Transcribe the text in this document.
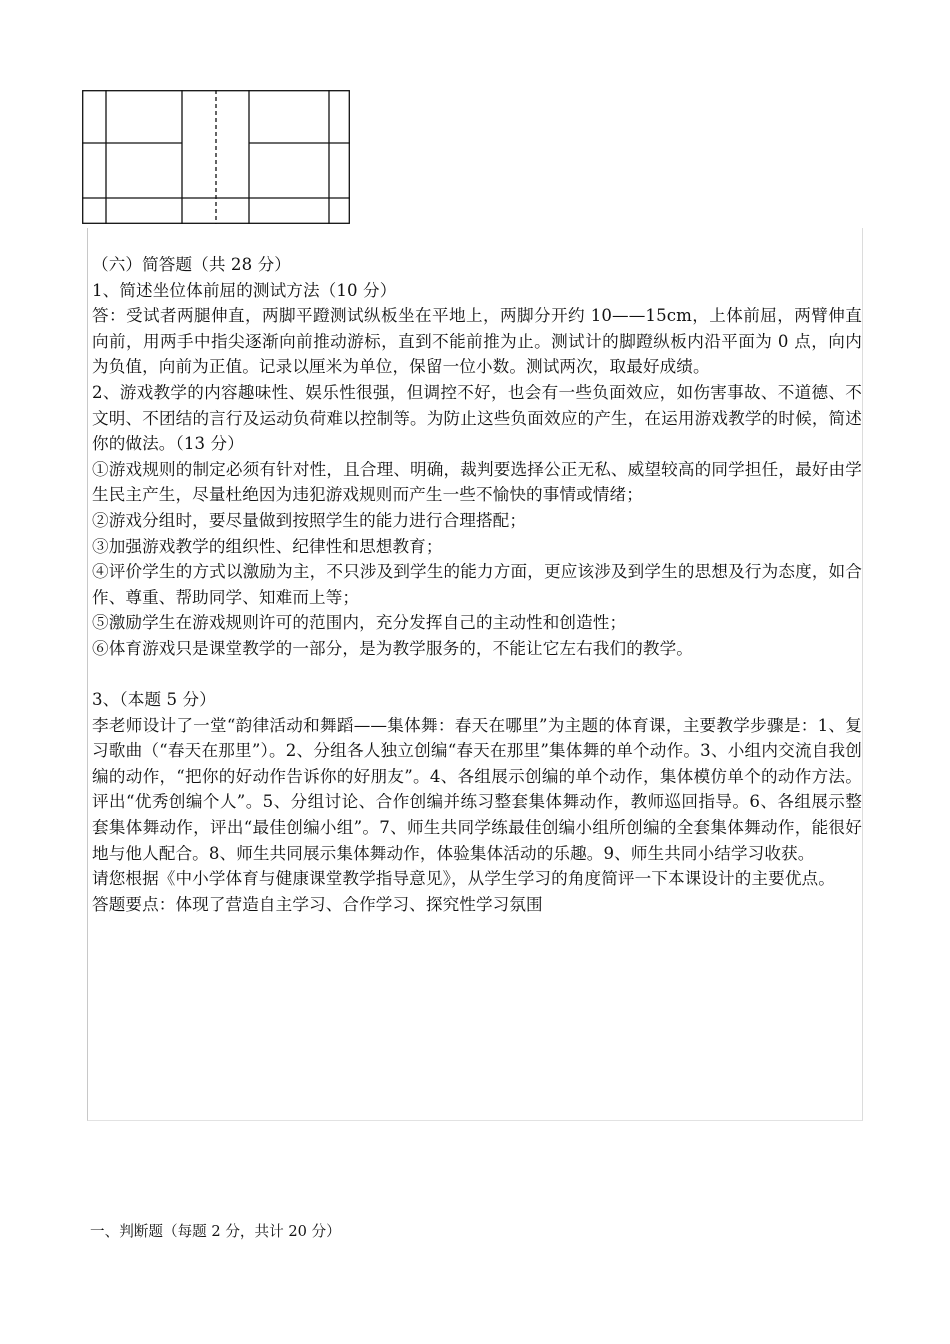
（六）简答题（共 28 分）

1、简述坐位体前屈的测试方法（10 分）

答：受试者两腿伸直，两脚平蹬测试纵板坐在平地上，两脚分开约 10——15cm，上体前屈，两臂伸直向前，用两手中指尖逐渐向前推动游标，直到不能前推为止。测试计的脚蹬纵板内沿平面为 0 点，向内为负值，向前为正值。记录以厘米为单位，保留一位小数。测试两次，取最好成绩。

2、游戏教学的内容趣味性、娱乐性很强，但调控不好，也会有一些负面效应，如伤害事故、不道德、不文明、不团结的言行及运动负荷难以控制等。为防止这些负面效应的产生，在运用游戏教学的时候，简述你的做法。（13 分）

①游戏规则的制定必须有针对性，且合理、明确，裁判要选择公正无私、威望较高的同学担任，最好由学生民主产生，尽量杜绝因为违犯游戏规则而产生一些不愉快的事情或情绪；

②游戏分组时，要尽量做到按照学生的能力进行合理搭配；

③加强游戏教学的组织性、纪律性和思想教育；

④评价学生的方式以激励为主，不只涉及到学生的能力方面，更应该涉及到学生的思想及行为态度，如合作、尊重、帮助同学、知难而上等；

⑤激励学生在游戏规则许可的范围内，充分发挥自己的主动性和创造性；

⑥体育游戏只是课堂教学的一部分，是为教学服务的，不能让它左右我们的教学。

3、（本题 5 分）

李老师设计了一堂“韵律活动和舞蹈——集体舞：春天在哪里”为主题的体育课，主要教学步骤是：1、复习歌曲（“春天在那里”）。2、分组各人独立创编“春天在那里”集体舞的单个动作。3、小组内交流自我创编的动作，“把你的好动作告诉你的好朋友”。4、各组展示创编的单个动作，集体模仿单个的动作方法。评出“优秀创编个人”。5、分组讨论、合作创编并练习整套集体舞动作，教师巡回指导。6、各组展示整套集体舞动作，评出“最佳创编小组”。7、师生共同学练最佳创编小组所创编的全套集体舞动作，能很好地与他人配合。8、师生共同展示集体舞动作，体验集体活动的乐趣。9、师生共同小结学习收获。

请您根据《中小学体育与健康课堂教学指导意见》，从学生学习的角度简评一下本课设计的主要优点。

答题要点：体现了营造自主学习、合作学习、探究性学习氛围

一、判断题（每题 2 分，共计 20 分）
